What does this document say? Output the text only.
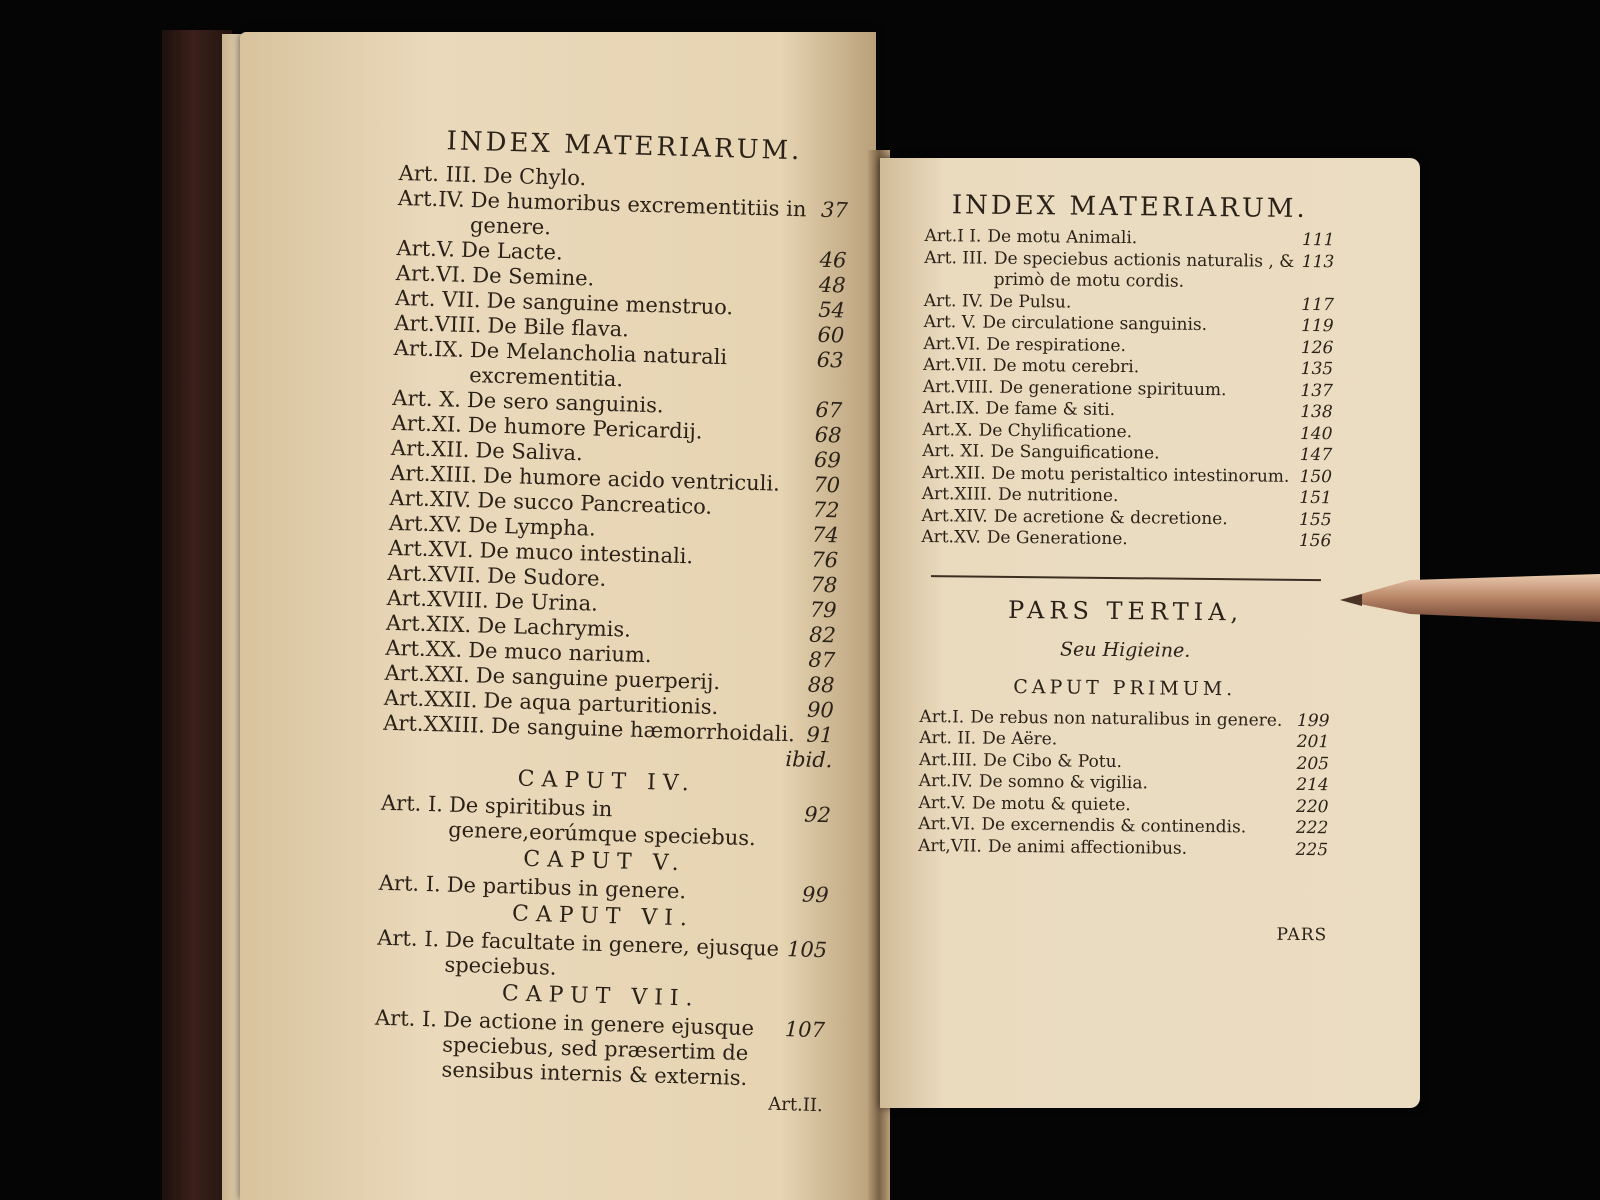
INDEX MATERIARUM.
Art. III. De Chylo.
Art.IV. De humoribus excrementitiis in genere.
37
Art.V. De Lacte.	46
Art.VI. De Semine.	48
Art. VII. De sanguine menstruo.	54
Art.VIII. De Bile flava.	60
Art.IX. De Melancholia naturali excrementitia.
63
Art. X. De sero sanguinis.	67
Art.XI. De humore Pericardij.	68
Art.XII. De Saliva.	69
Art.XIII. De humore acido ventriculi.	70
Art.XIV. De succo Pancreatico.	72
Art.XV. De Lympha.	74
Art.XVI. De muco intestinali.	76
Art.XVII. De Sudore.	78
Art.XVIII. De Urina.	79
Art.XIX. De Lachrymis.	82
Art.XX. De muco narium.	87
Art.XXI. De sanguine puerperij.	88
Art.XXII. De aqua parturitionis.	90
Art.XXIII. De sanguine hæmorrhoidali. 91
ibid.
CAPUT IV.
Art. I. De spiritibus in genere,eorúmque speciebus.
92
CAPUT V.
Art. I. De partibus in genere.	99
CAPUT VI.
Art. I. De facultate in genere, ejusque speciebus.
105
CAPUT VII.
Art. I. De actione in genere ejusque speciebus, sed præsertim de sensibus internis & externis.
107
Art.II.
INDEX MATERIARUM.
Art.I I. De motu Animali.	111
Art. III. De speciebus actionis naturalis , & primò de motu cordis.
113
Art. IV. De Pulsu.	117
Art. V. De circulatione sanguinis.	119
Art.VI. De respiratione.	126
Art.VII. De motu cerebri.	135
Art.VIII. De generatione spirituum.	137
Art.IX. De fame & siti.	138
Art.X. De Chylificatione.	140
Art. XI. De Sanguificatione.	147
Art.XII. De motu peristaltico intestinorum. 150
Art.XIII. De nutritione.	151
Art.XIV. De acretione & decretione.	155
Art.XV. De Generatione.	156
PARS TERTIA,
Seu Higieine.
CAPUT PRIMUM.
Art.I. De rebus non naturalibus in genere. 199
Art. II. De Aëre.	201
Art.III. De Cibo & Potu.	205
Art.IV. De somno & vigilia.	214
Art.V. De motu & quiete.	220
Art.VI. De excernendis & continendis.	222
Art,VII. De animi affectionibus.	225
PARS
